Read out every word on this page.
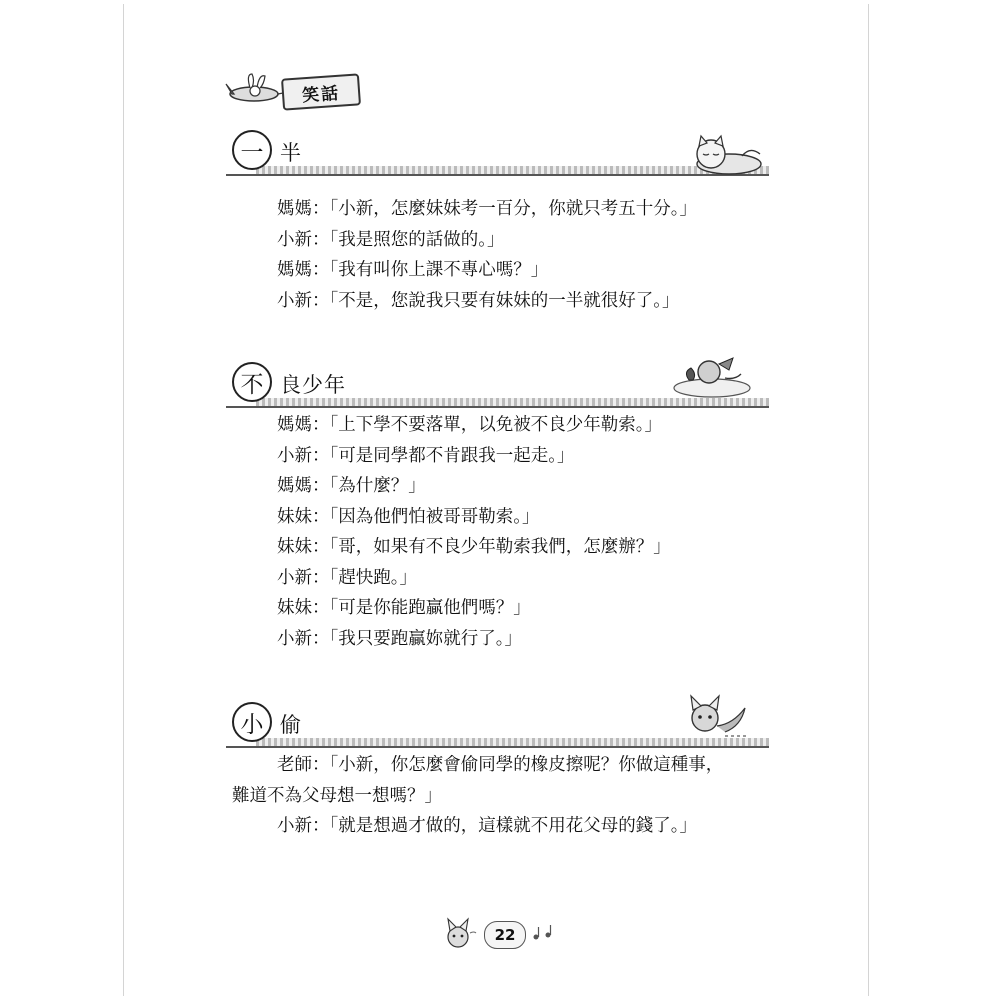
笑話
一 半
媽媽：「小新，怎麼妹妹考一百分，你就只考五十分。」
小新：「我是照您的話做的。」
媽媽：「我有叫你上課不專心嗎？」
小新：「不是，您說我只要有妹妹的一半就很好了。」
不 良少年
媽媽：「上下學不要落單，以免被不良少年勒索。」
小新：「可是同學都不肯跟我一起走。」
媽媽：「為什麼？」
妹妹：「因為他們怕被哥哥勒索。」
妹妹：「哥，如果有不良少年勒索我們，怎麼辦？」
小新：「趕快跑。」
妹妹：「可是你能跑贏他們嗎？」
小新：「我只要跑贏妳就行了。」
小 偷
老師：「小新，你怎麼會偷同學的橡皮擦呢？你做這種事，
難道不為父母想一想嗎？」
小新：「就是想過才做的，這樣就不用花父母的錢了。」
22
